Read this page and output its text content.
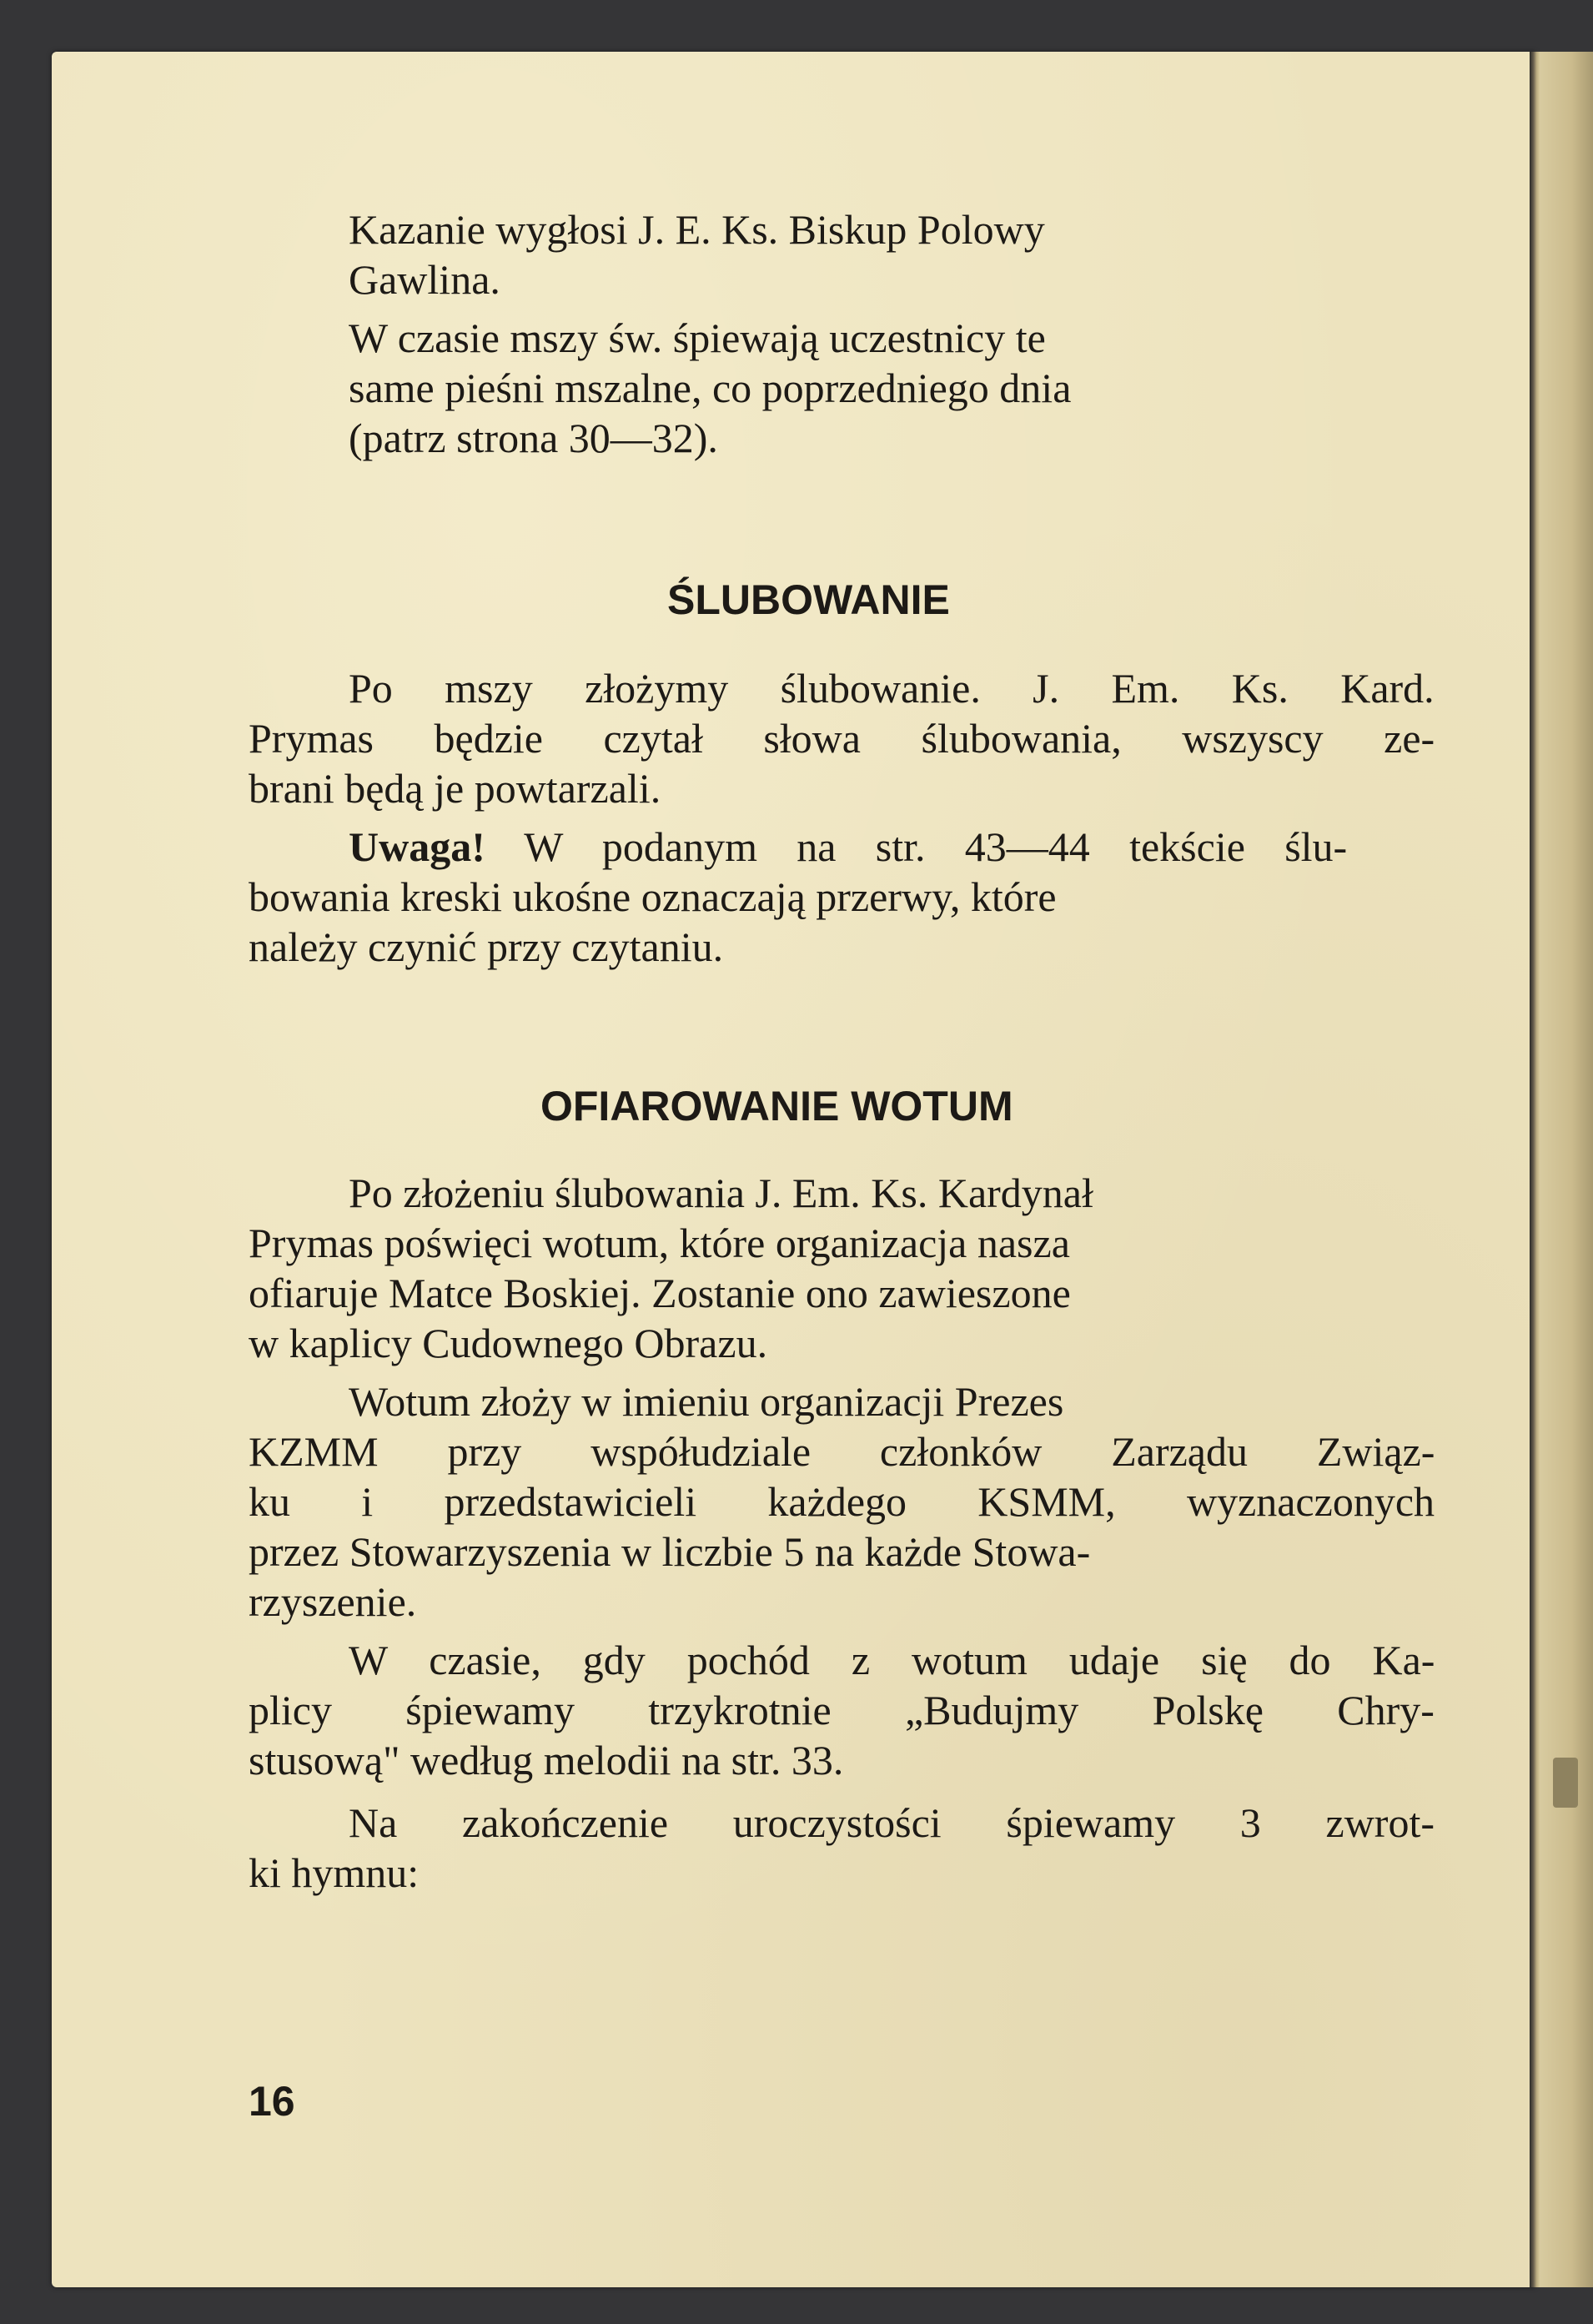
Kazanie wygłosi J. E. Ks. Biskup Polowy
Gawlina.
W czasie mszy św. śpiewają uczestnicy te
same pieśni mszalne, co poprzedniego dnia
(patrz strona 30—32).
ŚLUBOWANIE
Po mszy złożymy ślubowanie. J. Em. Ks. Kard.
Prymas będzie czytał słowa ślubowania, wszyscy ze-
brani będą je powtarzali.
Uwaga! W podanym na str. 43—44 tekście ślu-
bowania kreski ukośne oznaczają przerwy, które
należy czynić przy czytaniu.
OFIAROWANIE WOTUM
Po złożeniu ślubowania J. Em. Ks. Kardynał
Prymas poświęci wotum, które organizacja nasza
ofiaruje Matce Boskiej. Zostanie ono zawieszone
w kaplicy Cudownego Obrazu.
Wotum złoży w imieniu organizacji Prezes
KZMM przy współudziale członków Zarządu Związ-
ku i przedstawicieli każdego KSMM, wyznaczonych
przez Stowarzyszenia w liczbie 5 na każde Stowa-
rzyszenie.
W czasie, gdy pochód z wotum udaje się do Ka-
plicy śpiewamy trzykrotnie „Budujmy Polskę Chry-
stusową" według melodii na str. 33.
Na zakończenie uroczystości śpiewamy 3 zwrot-
ki hymnu:
16
